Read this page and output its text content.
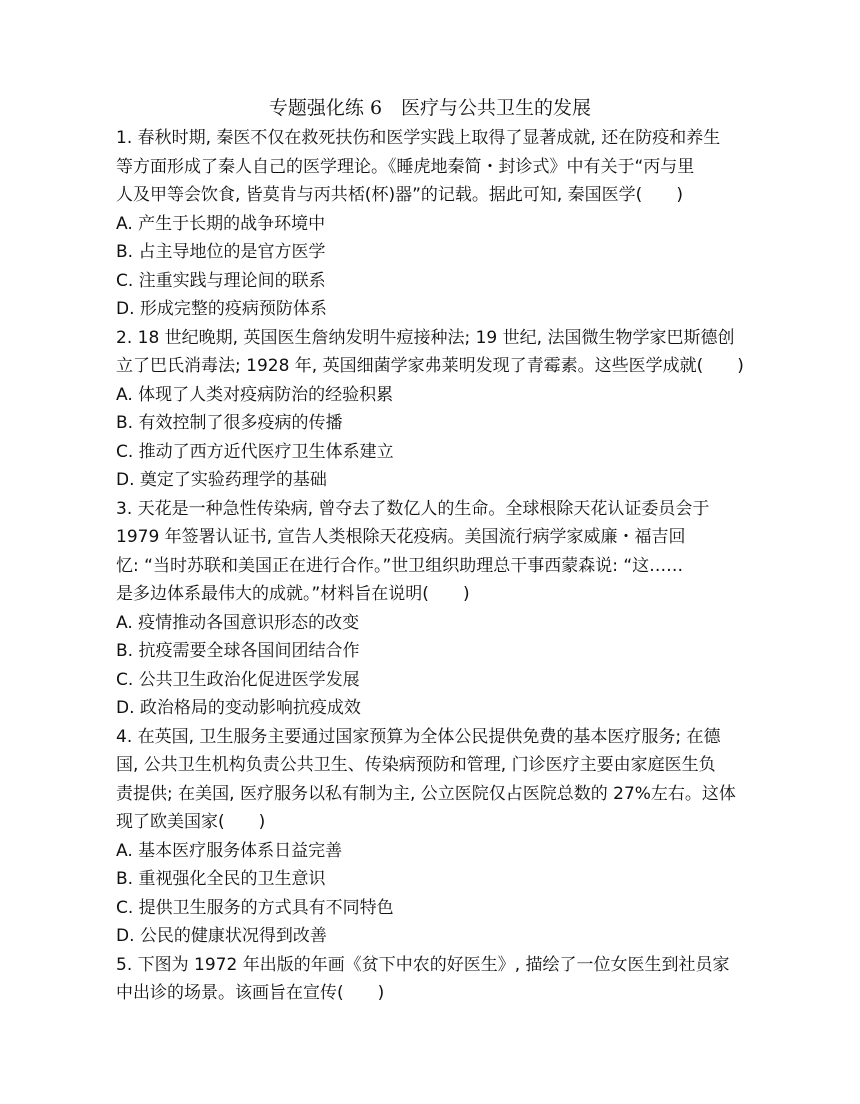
专题强化练 6　医疗与公共卫生的发展
1. 春秋时期, 秦医不仅在救死扶伤和医学实践上取得了显著成就, 还在防疫和养生
等方面形成了秦人自己的医学理论。《睡虎地秦简・封诊式》中有关于“丙与里
人及甲等会饮食, 皆莫肯与丙共桮(杯)器”的记载。据此可知, 秦国医学(　　)
A. 产生于长期的战争环境中
B. 占主导地位的是官方医学
C. 注重实践与理论间的联系
D. 形成完整的疫病预防体系
2. 18 世纪晚期, 英国医生詹纳发明牛痘接种法; 19 世纪, 法国微生物学家巴斯德创
立了巴氏消毒法; 1928 年, 英国细菌学家弗莱明发现了青霉素。这些医学成就(　　)
A. 体现了人类对疫病防治的经验积累
B. 有效控制了很多疫病的传播
C. 推动了西方近代医疗卫生体系建立
D. 奠定了实验药理学的基础
3. 天花是一种急性传染病, 曾夺去了数亿人的生命。全球根除天花认证委员会于
1979 年签署认证书, 宣告人类根除天花疫病。美国流行病学家威廉・福吉回
忆: “当时苏联和美国正在进行合作。”世卫组织助理总干事西蒙森说: “这……
是多边体系最伟大的成就。”材料旨在说明(　　)
A. 疫情推动各国意识形态的改变
B. 抗疫需要全球各国间团结合作
C. 公共卫生政治化促进医学发展
D. 政治格局的变动影响抗疫成效
4. 在英国, 卫生服务主要通过国家预算为全体公民提供免费的基本医疗服务; 在德
国, 公共卫生机构负责公共卫生、传染病预防和管理, 门诊医疗主要由家庭医生负
责提供; 在美国, 医疗服务以私有制为主, 公立医院仅占医院总数的 27%左右。这体
现了欧美国家(　　)
A. 基本医疗服务体系日益完善
B. 重视强化全民的卫生意识
C. 提供卫生服务的方式具有不同特色
D. 公民的健康状况得到改善
5. 下图为 1972 年出版的年画《贫下中农的好医生》, 描绘了一位女医生到社员家
中出诊的场景。该画旨在宣传(　　)
